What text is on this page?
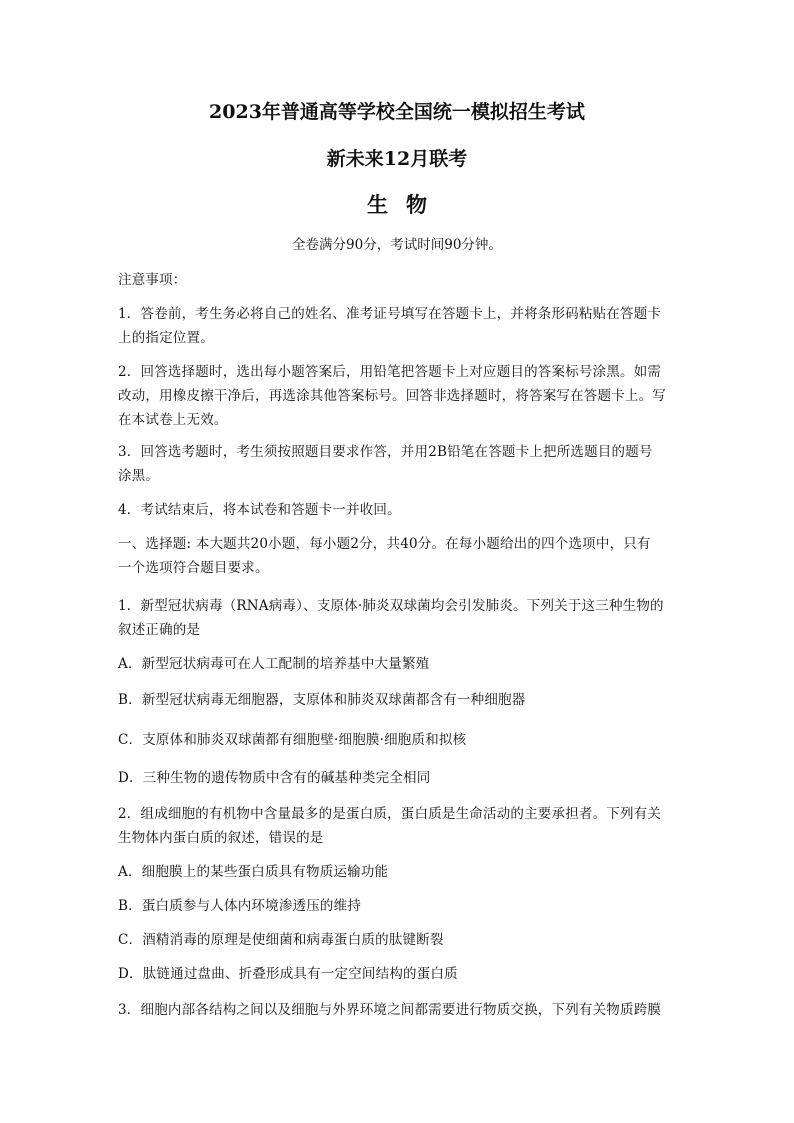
2023年普通高等学校全国统一模拟招生考试
新未来12月联考
生物
全卷满分90分，考试时间90分钟。
注意事项：
1．答卷前，考生务必将自己的姓名、准考证号填写在答题卡上，并将条形码粘贴在答题卡
上的指定位置。
2．回答选择题时，选出每小题答案后，用铅笔把答题卡上对应题目的答案标号涂黑。如需
改动，用橡皮擦干净后，再选涂其他答案标号。回答非选择题时，将答案写在答题卡上。写
在本试卷上无效。
3．回答选考题时，考生须按照题目要求作答，并用2B铅笔在答题卡上把所选题目的题号
涂黑。
4．考试结束后，将本试卷和答题卡一并收回。
一、选择题: 本大题共20小题，每小题2分，共40分。在每小题给出的四个选项中，只有
一个选项符合题目要求。
1．新型冠状病毒（RNA病毒）、支原体·肺炎双球菌均会引发肺炎。下列关于这三种生物的
叙述正确的是
A．新型冠状病毒可在人工配制的培养基中大量繁殖
B．新型冠状病毒无细胞器，支原体和肺炎双球菌都含有一种细胞器
C．支原体和肺炎双球菌都有细胞壁·细胞膜·细胞质和拟核
D．三种生物的遗传物质中含有的碱基种类完全相同
2．组成细胞的有机物中含量最多的是蛋白质，蛋白质是生命活动的主要承担者。下列有关
生物体内蛋白质的叙述，错误的是
A．细胞膜上的某些蛋白质具有物质运输功能
B．蛋白质参与人体内环境渗透压的维持
C．酒精消毒的原理是使细菌和病毒蛋白质的肽键断裂
D．肽链通过盘曲、折叠形成具有一定空间结构的蛋白质
3．细胞内部各结构之间以及细胞与外界环境之间都需要进行物质交换，下列有关物质跨膜
